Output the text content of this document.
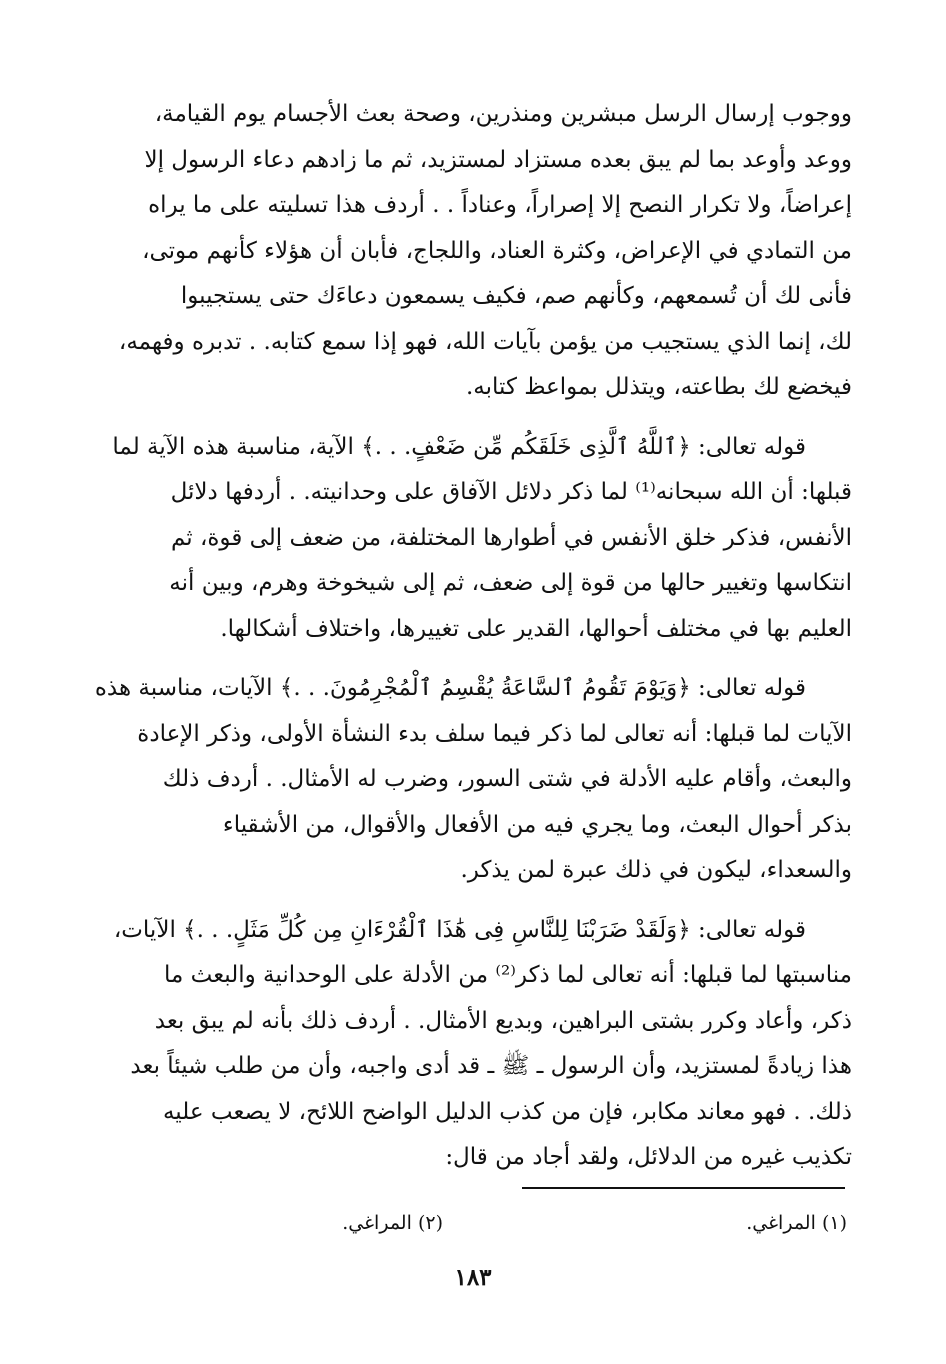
ووجوب إرسال الرسل مبشرين ومنذرين، وصحة بعث الأجسام يوم القيامة،
ووعد وأوعد بما لم يبق بعده مستزاد لمستزيد، ثم ما زادهم دعاء الرسول إلا
إعراضاً، ولا تكرار النصح إلا إصراراً، وعناداً . . أردف هذا تسليته على ما يراه
من التمادي في الإعراض، وكثرة العناد، واللجاج، فأبان أن هؤلاء كأنهم موتى،
فأنى لك أن تُسمعهم، وكأنهم صم، فكيف يسمعون دعاءَك حتى يستجيبوا
لك، إنما الذي يستجيب من يؤمن بآيات الله، فهو إذا سمع كتابه. . تدبره وفهمه،
فيخضع لك بطاعته، ويتذلل بمواعظ كتابه.

قوله تعالى: ﴿ٱللَّهُ ٱلَّذِى خَلَقَكُم مِّن ضَعْفٍ. . .﴾ الآية، مناسبة هذه الآية لما

قبلها: أن الله سبحانه⁽¹⁾ لما ذكر دلائل الآفاق على وحدانيته. . أردفها دلائل
الأنفس، فذكر خلق الأنفس في أطوارها المختلفة، من ضعف إلى قوة، ثم
انتكاسها وتغيير حالها من قوة إلى ضعف، ثم إلى شيخوخة وهرم، وبين أنه
العليم بها في مختلف أحوالها، القدير على تغييرها، واختلاف أشكالها.

قوله تعالى: ﴿وَيَوْمَ تَقُومُ ٱلسَّاعَةُ يُقْسِمُ ٱلْمُجْرِمُونَ. . .﴾ الآيات، مناسبة هذه

الآيات لما قبلها: أنه تعالى لما ذكر فيما سلف بدء النشأة الأولى، وذكر الإعادة
والبعث، وأقام عليه الأدلة في شتى السور، وضرب له الأمثال. . أردف ذلك
بذكر أحوال البعث، وما يجري فيه من الأفعال والأقوال، من الأشقياء
والسعداء، ليكون في ذلك عبرة لمن يذكر.

قوله تعالى: ﴿وَلَقَدْ ضَرَبْنَا لِلنَّاسِ فِى هَٰذَا ٱلْقُرْءَانِ مِن كُلِّ مَثَلٍ. . .﴾ الآيات،

مناسبتها لما قبلها: أنه تعالى لما ذكر⁽²⁾ من الأدلة على الوحدانية والبعث ما
ذكر، وأعاد وكرر بشتى البراهين، وبديع الأمثال. . أردف ذلك بأنه لم يبق بعد
هذا زيادةً لمستزيد، وأن الرسول ـ ﷺ ـ قد أدى واجبه، وأن من طلب شيئاً بعد
ذلك. . فهو معاند مكابر، فإن من كذب الدليل الواضح اللائح، لا يصعب عليه
تكذيب غيره من الدلائل، ولقد أجاد من قال:

(١) المراغي.
(٢) المراغي.
١٨٣
